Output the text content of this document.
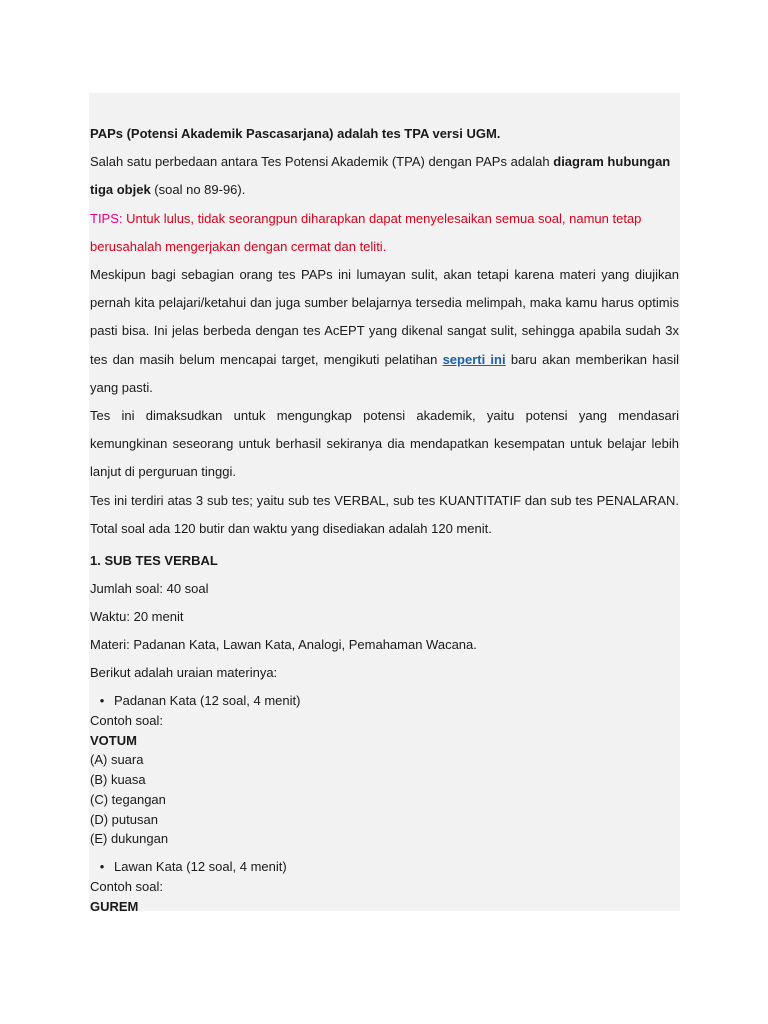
PAPs (Potensi Akademik Pascasarjana) adalah tes TPA versi UGM.

Salah satu perbedaan antara Tes Potensi Akademik (TPA) dengan PAPs adalah diagram hubungan tiga objek (soal no 89-96).

TIPS: Untuk lulus, tidak seorangpun diharapkan dapat menyelesaikan semua soal, namun tetap berusahalah mengerjakan dengan cermat dan teliti.

Meskipun bagi sebagian orang tes PAPs ini lumayan sulit, akan tetapi karena materi yang diujikan pernah kita pelajari/ketahui dan juga sumber belajarnya tersedia melimpah, maka kamu harus optimis pasti bisa. Ini jelas berbeda dengan tes AcEPT yang dikenal sangat sulit, sehingga apabila sudah 3x tes dan masih belum mencapai target, mengikuti pelatihan seperti ini baru akan memberikan hasil yang pasti.

Tes ini dimaksudkan untuk mengungkap potensi akademik, yaitu potensi yang mendasari kemungkinan seseorang untuk berhasil sekiranya dia mendapatkan kesempatan untuk belajar lebih lanjut di perguruan tinggi.

Tes ini terdiri atas 3 sub tes; yaitu sub tes VERBAL, sub tes KUANTITATIF dan sub tes PENALARAN. Total soal ada 120 butir dan waktu yang disediakan adalah 120 menit.

1. SUB TES VERBAL

Jumlah soal: 40 soal

Waktu: 20 menit

Materi: Padanan Kata, Lawan Kata, Analogi, Pemahaman Wacana.

Berikut adalah uraian materinya:

• Padanan Kata (12 soal, 4 menit)

Contoh soal:

VOTUM

(A) suara

(B) kuasa

(C) tegangan

(D) putusan

(E) dukungan

• Lawan Kata (12 soal, 4 menit)

Contoh soal:

GUREM
